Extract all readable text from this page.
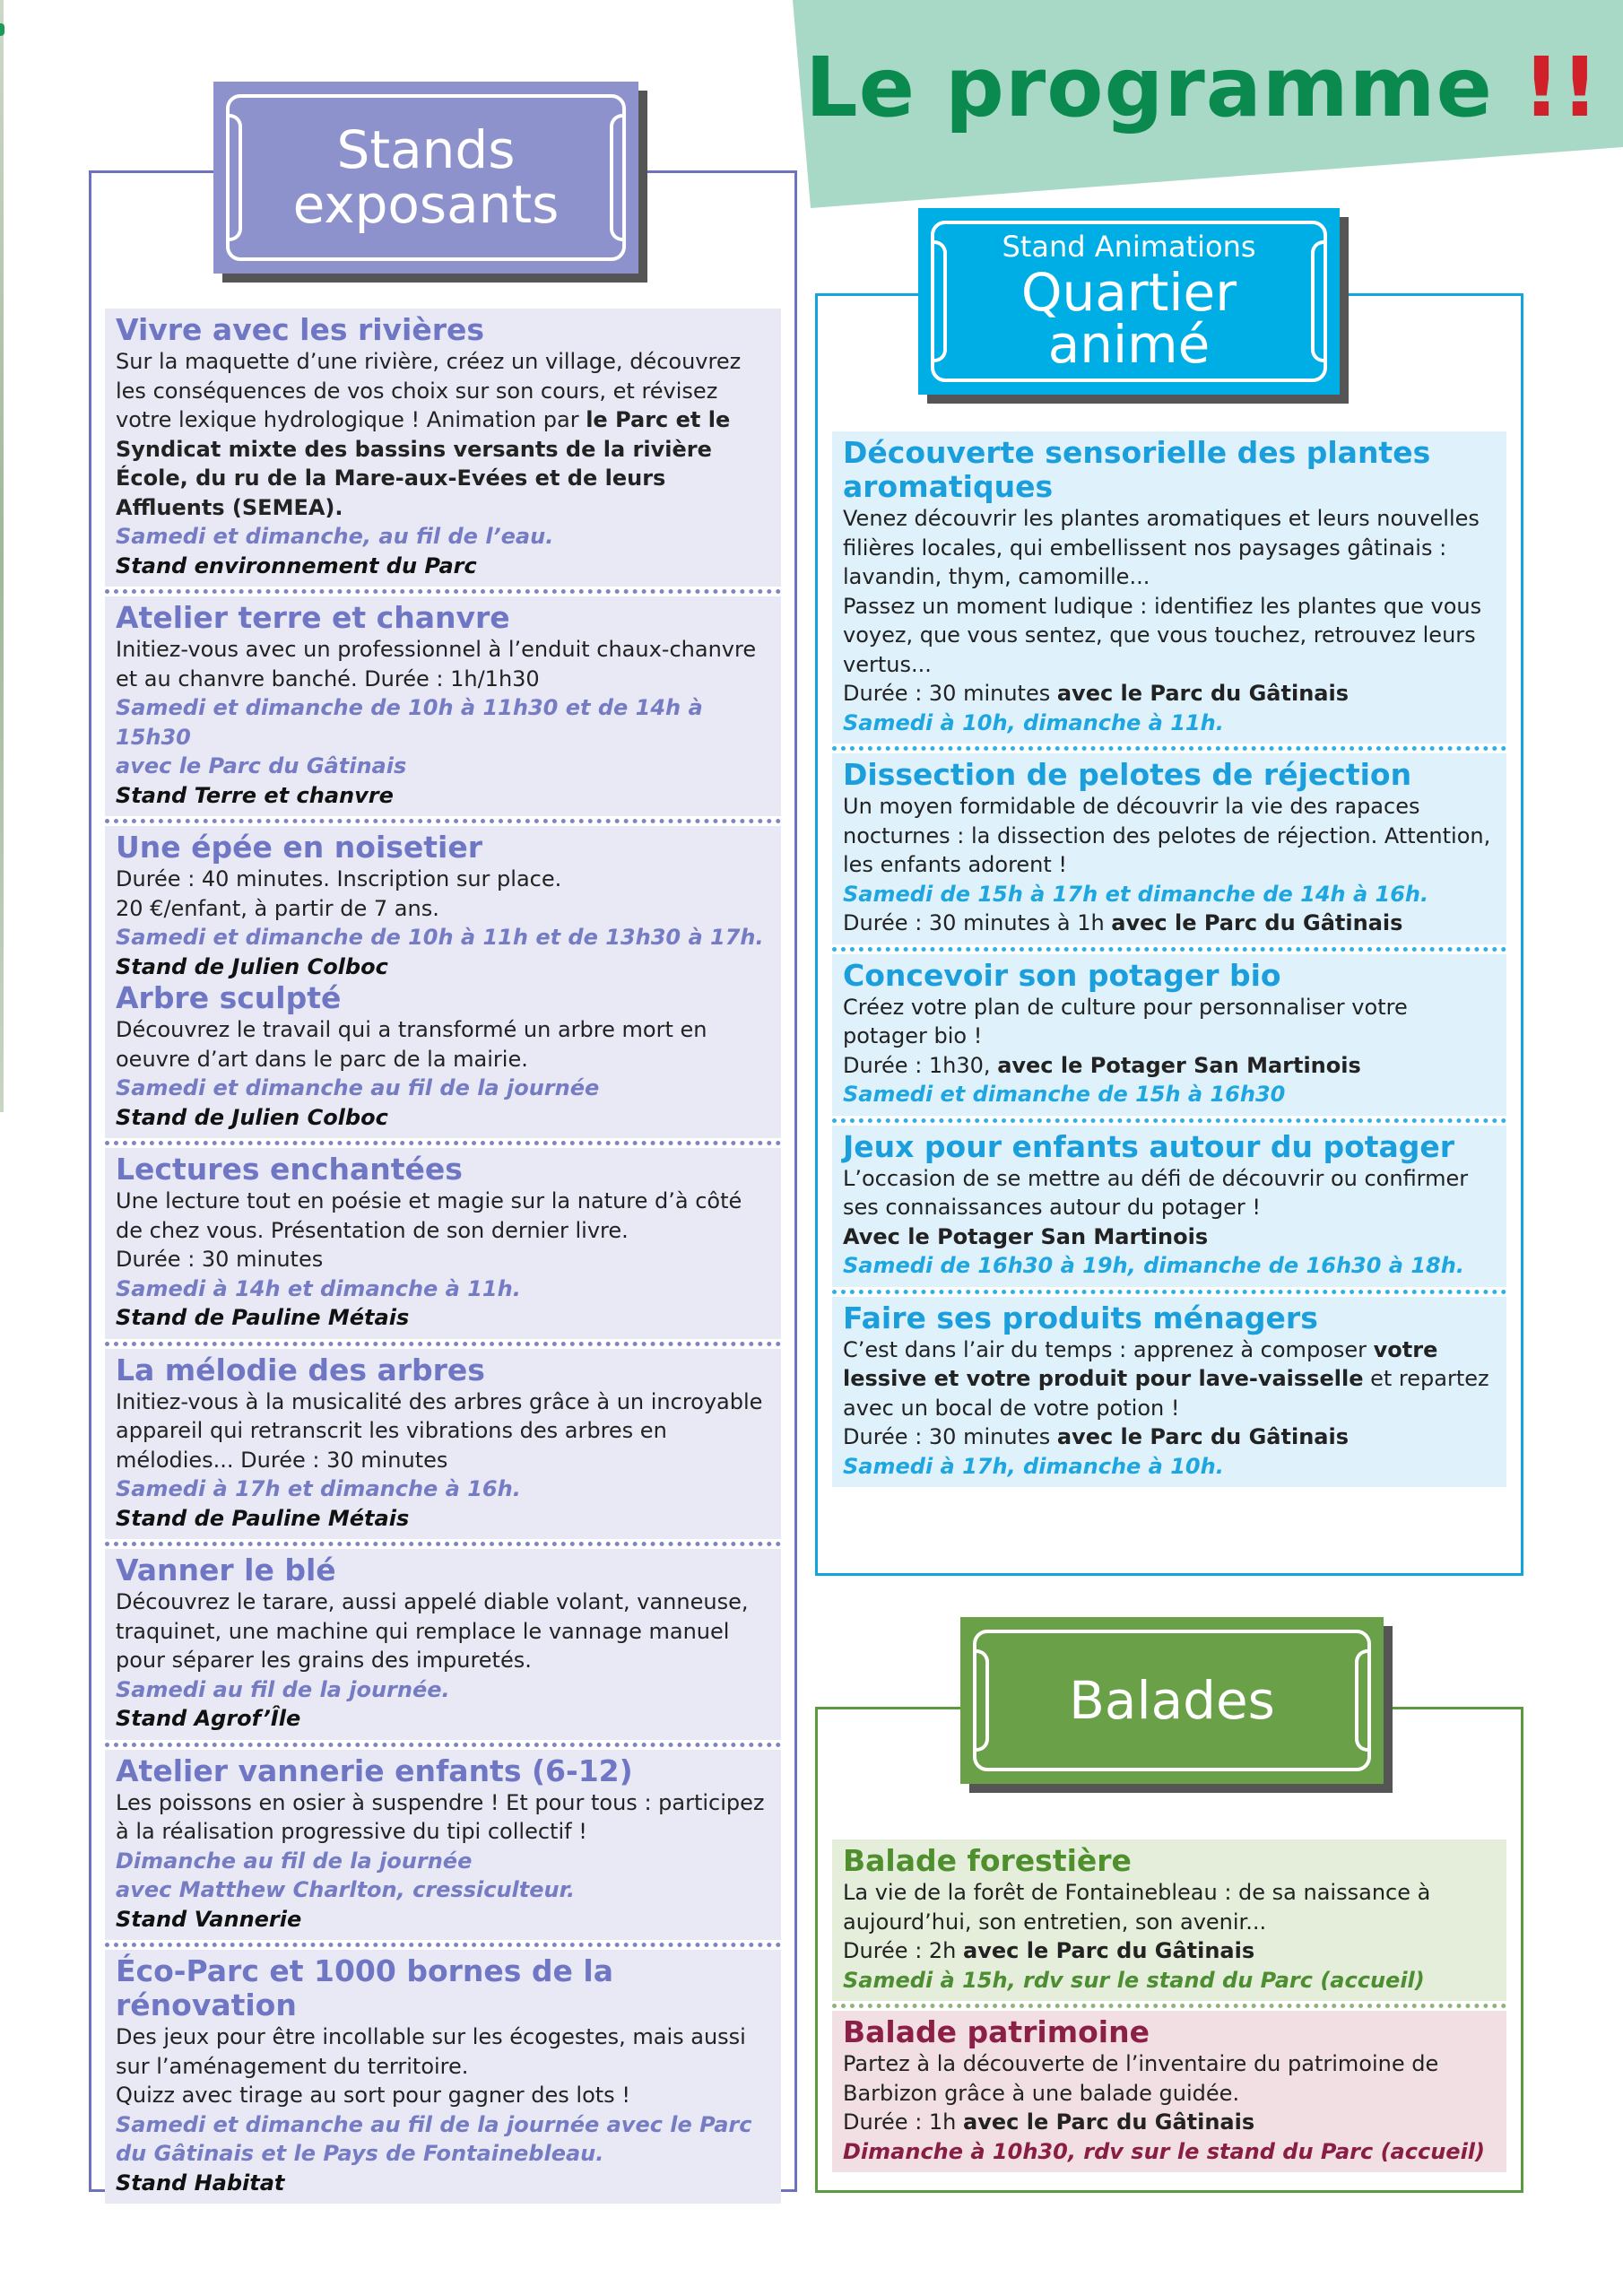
Le programme !!
Stands
exposants
Stand Animations
Quartier
animé
Balades
Vivre avec les rivières
Sur la maquette d’une rivière, créez un village, découvrez les conséquences de vos choix sur son cours, et révisez votre lexique hydrologique ! Animation par le Parc et le Syndicat mixte des bassins versants de la rivière École, du ru de la Mare-aux-Evées et de leurs Affluents (SEMEA).
Samedi et dimanche, au fil de l’eau.
Stand environnement du Parc
Atelier terre et chanvre
Initiez-vous avec un professionnel à l’enduit chaux-chanvre et au chanvre banché. Durée : 1h/1h30
Samedi et dimanche de 10h à 11h30 et de 14h à 15h30
avec le Parc du Gâtinais
Stand Terre et chanvre
Une épée en noisetier
Durée : 40 minutes. Inscription sur place.
20 €/enfant, à partir de 7 ans.
Samedi et dimanche de 10h à 11h et de 13h30 à 17h.
Stand de Julien Colboc
Arbre sculpté
Découvrez le travail qui a transformé un arbre mort en oeuvre d’art dans le parc de la mairie.
Samedi et dimanche au fil de la journée
Stand de Julien Colboc
Lectures enchantées
Une lecture tout en poésie et magie sur la nature d’à côté de chez vous. Présentation de son dernier livre.
Durée : 30 minutes
Samedi à 14h et dimanche à 11h.
Stand de Pauline Métais
La mélodie des arbres
Initiez-vous à la musicalité des arbres grâce à un incroyable appareil qui retranscrit les vibrations des arbres en mélodies... Durée : 30 minutes
Samedi à 17h et dimanche à 16h.
Stand de Pauline Métais
Vanner le blé
Découvrez le tarare, aussi appelé diable volant, vanneuse, traquinet, une machine qui remplace le vannage manuel pour séparer les grains des impuretés.
Samedi au fil de la journée.
Stand Agrof’Île
Atelier vannerie enfants (6-12)
Les poissons en osier à suspendre ! Et pour tous : participez à la réalisation progressive du tipi collectif !
Dimanche au fil de la journée
avec Matthew Charlton, cressiculteur.
Stand Vannerie
Éco-Parc et 1000 bornes de la rénovation
Des jeux pour être incollable sur les écogestes, mais aussi sur l’aménagement du territoire.
Quizz avec tirage au sort pour gagner des lots !
Samedi et dimanche au fil de la journée avec le Parc du Gâtinais et le Pays de Fontainebleau.
Stand Habitat
Découverte sensorielle des plantes aromatiques
Venez découvrir les plantes aromatiques et leurs nouvelles filières locales, qui embellissent nos paysages gâtinais : lavandin, thym, camomille...
Passez un moment ludique : identifiez les plantes que vous voyez, que vous sentez, que vous touchez, retrouvez leurs vertus...
Durée : 30 minutes avec le Parc du Gâtinais
Samedi à 10h, dimanche à 11h.
Dissection de pelotes de réjection
Un moyen formidable de découvrir la vie des rapaces nocturnes : la dissection des pelotes de réjection. Attention, les enfants adorent !
Samedi de 15h à 17h et dimanche de 14h à 16h.
Durée : 30 minutes à 1h avec le Parc du Gâtinais
Concevoir son potager bio
Créez votre plan de culture pour personnaliser votre potager bio !
Durée : 1h30, avec le Potager San Martinois
Samedi et dimanche de 15h à 16h30
Jeux pour enfants autour du potager
L’occasion de se mettre au défi de découvrir ou confirmer ses connaissances autour du potager !
Avec le Potager San Martinois
Samedi de 16h30 à 19h, dimanche de 16h30 à 18h.
Faire ses produits ménagers
C’est dans l’air du temps : apprenez à composer votre lessive et votre produit pour lave-vaisselle et repartez avec un bocal de votre potion !
Durée : 30 minutes avec le Parc du Gâtinais
Samedi à 17h, dimanche à 10h.
Balade forestière
La vie de la forêt de Fontainebleau : de sa naissance à aujourd’hui, son entretien, son avenir...
Durée : 2h avec le Parc du Gâtinais
Samedi à 15h, rdv sur le stand du Parc (accueil)
Balade patrimoine
Partez à la découverte de l’inventaire du patrimoine de Barbizon grâce à une balade guidée.
Durée : 1h avec le Parc du Gâtinais
Dimanche à 10h30, rdv sur le stand du Parc (accueil)
